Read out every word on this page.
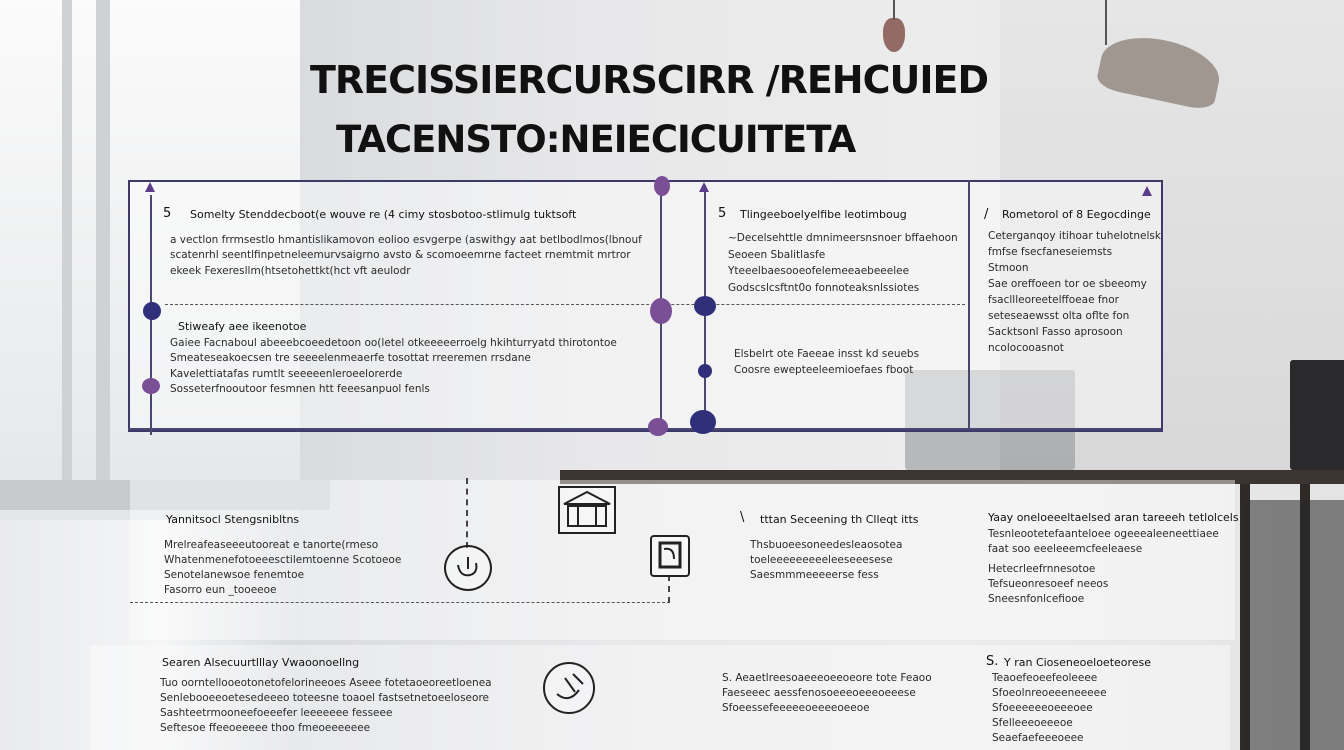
TRECISSIERCURSCIRR /REHCUIED
TACENSTO:NEIECICUITETA
5 Somelty Stenddecboot(e wouve re (4 cimy stosbotoo-stlimulg tuktsoft
a vectlon frrmsestlo hmantislikamovon eolioo esvgerpe (aswithgy aat betlbodlmos(lbnouf
scatenrhl seentlfinpetneleemurvsaigrno avsto & scomoeemrne facteet rnemtmit mrtror
ekeek Fexeresllm(htsetohettkt(hct vft aeulodr
Stiweafy aee ikeenotoe
Gaiee Facnaboul abeeebcoeedetoon oo(letel otkeeeeerroelg hkihturryatd thirotontoe
Smeateseakoecsen tre seeeelenmeaerfe tosottat rreeremen rrsdane
Kavelettiatafas rumtlt seeeeenleroeelorerde
Sosseterfnooutoor fesmnen htt feeesanpuol fenls
5 Tlingeeboelyelfibe leotimboug
~Decelsehttle dmnimeersnsnoer bffaehoon
Seoeen Sbalitlasfe
Yteeelbaesooeofelemeeaebeeelee
Godscslcsftnt0o fonnoteaksnlssiotes
Elsbelrt ote Faeeae insst kd seuebs
Coosre ewepteeleemioefaes fboot
/ Rometorol of 8 Eegocdinge
Ceterganqoy itihoar tuhelotnelsk
fmfse fsecfaneseiemsts
Stmoon
Sae oreffoeen tor oe sbeeomy
fsacllleoreetelffoeae fnor
seteseaewsst olta oflte fon
Sacktsonl Fasso aprosoon
ncolocooasnot
Yannitsocl Stengsnibltns
Mrelreafeaseeeutooreat e tanorte(rmeso
Whatenmenefotoeeesctilemtoenne Scotoeoe
Senotelanewsoe fenemtoe
Fasorro eun _tooeeoe
\ tttan Seceening th Clleqt itts
Thsbuoeesoneedesleaosotea
toeleeeeeeeeeleeseeesese
Saesmmmeeeeerse fess
Yaay oneloeeeltaelsed aran tareeeh tetlolcels
Tesnleootetefaanteloee ogeeealeeneettiaee
faat soo eeeleeemcfeeleaese
Hetecrleefrnnesotoe
Tefsueonresoeef neeos
Sneesnfonlcefiooe
Searen Alsecuurtlllay Vwaoonoellng
Tuo oorntellooeotonetofelorineeoes Aseee fotetaoeoreetloenea
Senlebooeeoetesedeeeo toteesne toaoel fastsetnetoeeloseore
Sashteetrmooneefoeeefer leeeeeee fesseee
Seftesoe ffeeoeeeee thoo fmeoeeeeeee
S. Aeaetlreesoaeeeoeeoeore tote Feaoo
Faeseeec aessfenosoeeeoeeeoeeese
Sfoeessefeeeeeoeeeeoeeoe
S. Y ran Cioseneoeloeteorese
Teaoefeoeefeoleeee
Sfoeolnreoeeeneeeee
Sfoeeeeeeoeeeoee
Sfelleeeoeeeoe
Seaefaefeeeoeee
